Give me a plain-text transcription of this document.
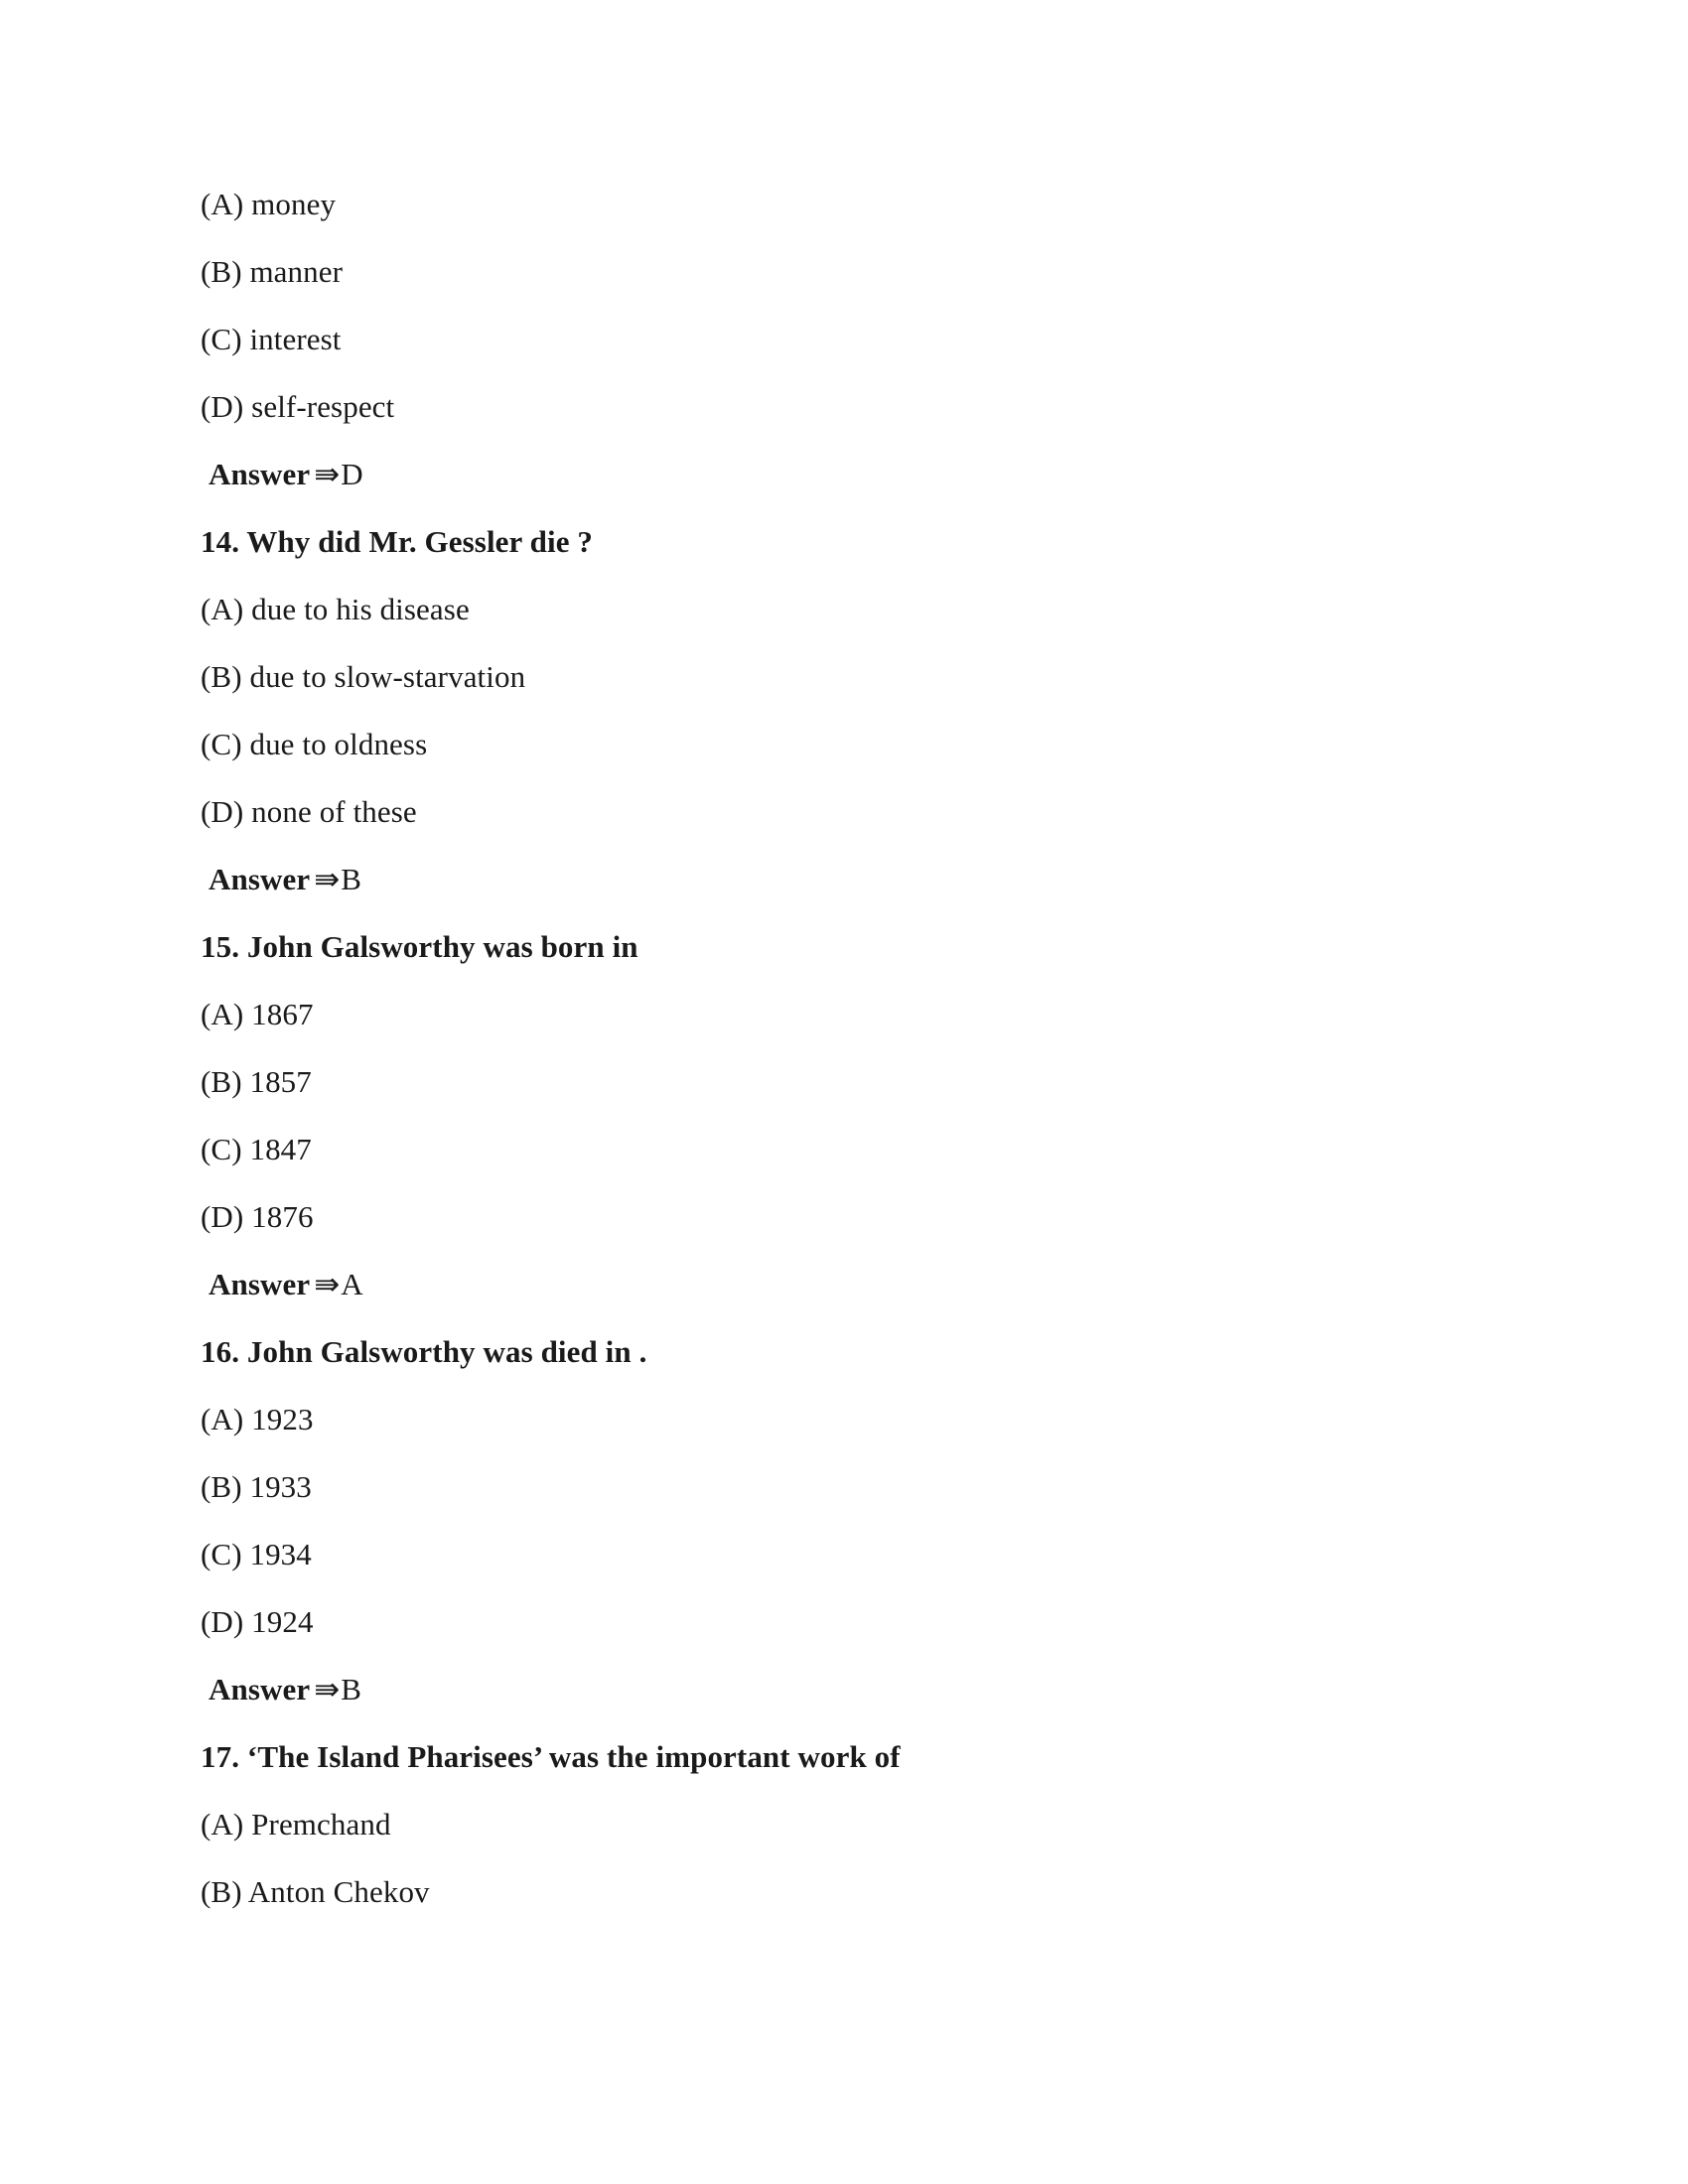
(A) money
(B) manner
(C) interest
(D) self-respect
Answer ⇛D
14. Why did Mr. Gessler die ?
(A) due to his disease
(B) due to slow-starvation
(C) due to oldness
(D) none of these
Answer ⇛B
15. John Galsworthy was born in
(A) 1867
(B) 1857
(C) 1847
(D) 1876
Answer ⇛A
16. John Galsworthy was died in .
(A) 1923
(B) 1933
(C) 1934
(D) 1924
Answer ⇛B
17. ‘The Island Pharisees’ was the important work of
(A) Premchand
(B) Anton Chekov
